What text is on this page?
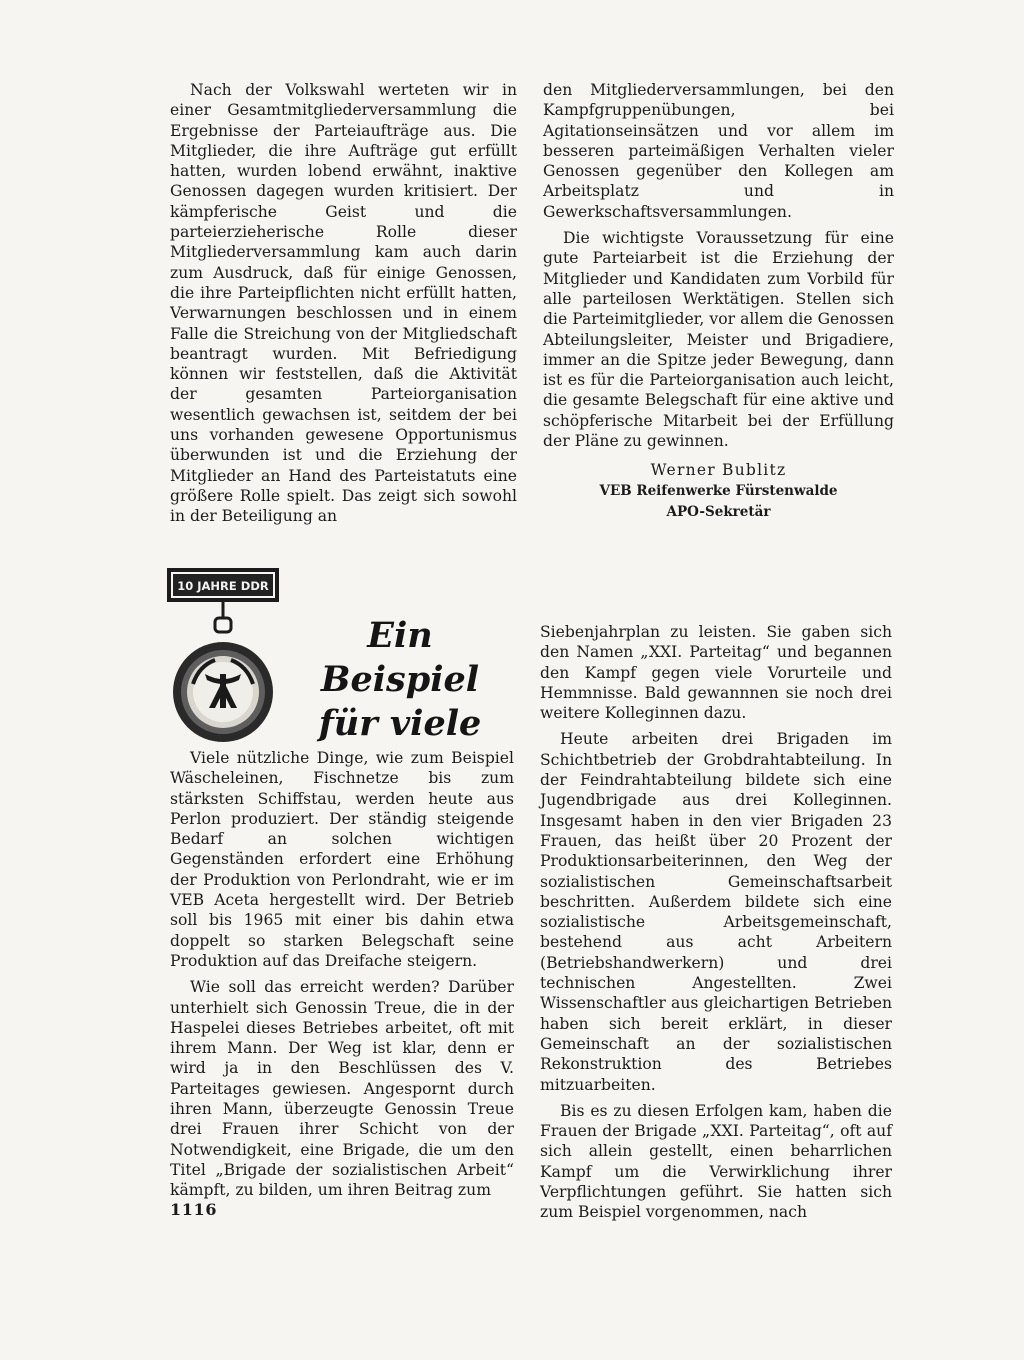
Nach der Volkswahl werteten wir in einer Gesamtmitgliederversammlung die Ergebnisse der Parteiaufträge aus. Die Mitglieder, die ihre Aufträge gut erfüllt hatten, wurden lobend erwähnt, inaktive Genossen dagegen wurden kritisiert. Der kämpferische Geist und die parteierzieherische Rolle dieser Mitgliederversammlung kam auch darin zum Ausdruck, daß für einige Genossen, die ihre Parteipflichten nicht erfüllt hatten, Verwarnungen beschlossen und in einem Falle die Streichung von der Mitgliedschaft beantragt wurden. Mit Befriedigung können wir feststellen, daß die Aktivität der gesamten Parteiorganisation wesentlich gewachsen ist, seitdem der bei uns vorhanden gewesene Opportunismus überwunden ist und die Erziehung der Mitglieder an Hand des Parteistatuts eine größere Rolle spielt. Das zeigt sich sowohl in der Beteiligung an

den Mitgliederversammlungen, bei den Kampfgruppenübungen, bei Agitationseinsätzen und vor allem im besseren parteimäßigen Verhalten vieler Genossen gegenüber den Kollegen am Arbeitsplatz und in Gewerkschaftsversammlungen.

Die wichtigste Voraussetzung für eine gute Parteiarbeit ist die Erziehung der Mitglieder und Kandidaten zum Vorbild für alle parteilosen Werktätigen. Stellen sich die Parteimitglieder, vor allem die Genossen Abteilungsleiter, Meister und Brigadiere, immer an die Spitze jeder Bewegung, dann ist es für die Parteiorganisation auch leicht, die gesamte Belegschaft für eine aktive und schöpferische Mitarbeit bei der Erfüllung der Pläne zu gewinnen.

Werner Bublitz
VEB Reifenwerke Fürstenwalde
APO-Sekretär
10 JAHRE DDR
Ein Beispiel
für viele

Viele nützliche Dinge, wie zum Beispiel Wäscheleinen, Fischnetze bis zum stärksten Schiffstau, werden heute aus Perlon produziert. Der ständig steigende Bedarf an solchen wichtigen Gegenständen erfordert eine Erhöhung der Produktion von Perlondraht, wie er im VEB Aceta hergestellt wird. Der Betrieb soll bis 1965 mit einer bis dahin etwa doppelt so starken Belegschaft seine Produktion auf das Dreifache steigern.

Wie soll das erreicht werden? Darüber unterhielt sich Genossin Treue, die in der Haspelei dieses Betriebes arbeitet, oft mit ihrem Mann. Der Weg ist klar, denn er wird ja in den Beschlüssen des V. Parteitages gewiesen. Angespornt durch ihren Mann, überzeugte Genossin Treue drei Frauen ihrer Schicht von der Notwendigkeit, eine Brigade, die um den Titel „Brigade der sozialistischen Arbeit“ kämpft, zu bilden, um ihren Beitrag zum

Siebenjahrplan zu leisten. Sie gaben sich den Namen „XXI. Parteitag“ und begannen den Kampf gegen viele Vorurteile und Hemmnisse. Bald gewannnen sie noch drei weitere Kolleginnen dazu.

Heute arbeiten drei Brigaden im Schichtbetrieb der Grobdrahtabteilung. In der Feindrahtabteilung bildete sich eine Jugendbrigade aus drei Kolleginnen. Insgesamt haben in den vier Brigaden 23 Frauen, das heißt über 20 Prozent der Produktionsarbeiterinnen, den Weg der sozialistischen Gemeinschaftsarbeit beschritten. Außerdem bildete sich eine sozialistische Arbeitsgemeinschaft, bestehend aus acht Arbeitern (Betriebshandwerkern) und drei technischen Angestellten. Zwei Wissenschaftler aus gleichartigen Betrieben haben sich bereit erklärt, in dieser Gemeinschaft an der sozialistischen Rekonstruktion des Betriebes mitzuarbeiten.

Bis es zu diesen Erfolgen kam, haben die Frauen der Brigade „XXI. Parteitag“, oft auf sich allein gestellt, einen beharrlichen Kampf um die Verwirklichung ihrer Verpflichtungen geführt. Sie hatten sich zum Beispiel vorgenommen, nach

1116
